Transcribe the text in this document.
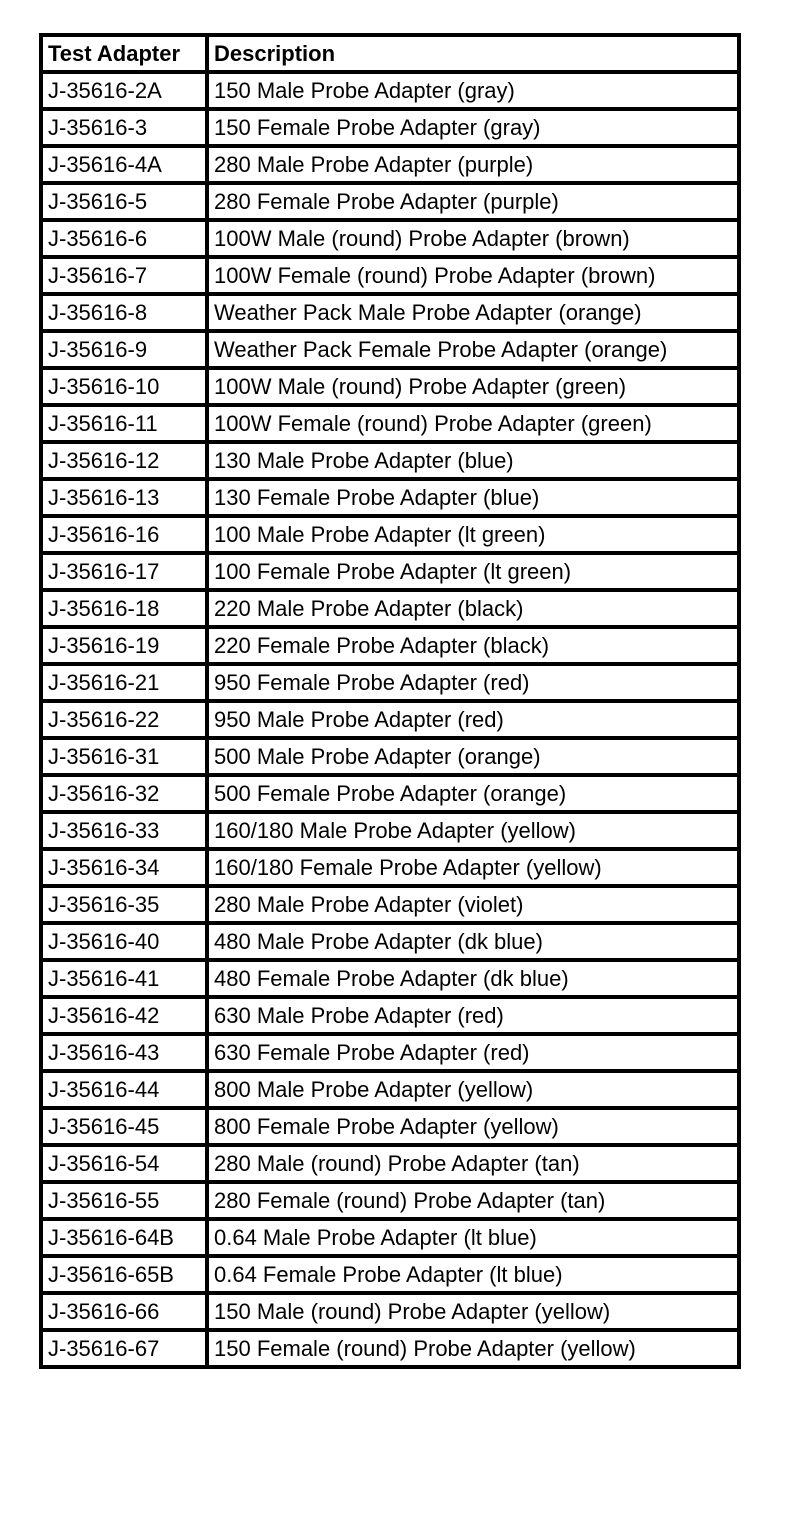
Test Adapter	Description
J-35616-2A	150 Male Probe Adapter (gray)
J-35616-3	150 Female Probe Adapter (gray)
J-35616-4A	280 Male Probe Adapter (purple)
J-35616-5	280 Female Probe Adapter (purple)
J-35616-6	100W Male (round) Probe Adapter (brown)
J-35616-7	100W Female (round) Probe Adapter (brown)
J-35616-8	Weather Pack Male Probe Adapter (orange)
J-35616-9	Weather Pack Female Probe Adapter (orange)
J-35616-10	100W Male (round) Probe Adapter (green)
J-35616-11	100W Female (round) Probe Adapter (green)
J-35616-12	130 Male Probe Adapter (blue)
J-35616-13	130 Female Probe Adapter (blue)
J-35616-16	100 Male Probe Adapter (lt green)
J-35616-17	100 Female Probe Adapter (lt green)
J-35616-18	220 Male Probe Adapter (black)
J-35616-19	220 Female Probe Adapter (black)
J-35616-21	950 Female Probe Adapter (red)
J-35616-22	950 Male Probe Adapter (red)
J-35616-31	500 Male Probe Adapter (orange)
J-35616-32	500 Female Probe Adapter (orange)
J-35616-33	160/180 Male Probe Adapter (yellow)
J-35616-34	160/180 Female Probe Adapter (yellow)
J-35616-35	280 Male Probe Adapter (violet)
J-35616-40	480 Male Probe Adapter (dk blue)
J-35616-41	480 Female Probe Adapter (dk blue)
J-35616-42	630 Male Probe Adapter (red)
J-35616-43	630 Female Probe Adapter (red)
J-35616-44	800 Male Probe Adapter (yellow)
J-35616-45	800 Female Probe Adapter (yellow)
J-35616-54	280 Male (round) Probe Adapter (tan)
J-35616-55	280 Female (round) Probe Adapter (tan)
J-35616-64B	0.64 Male Probe Adapter (lt blue)
J-35616-65B	0.64 Female Probe Adapter (lt blue)
J-35616-66	150 Male (round) Probe Adapter (yellow)
J-35616-67	150 Female (round) Probe Adapter (yellow)
